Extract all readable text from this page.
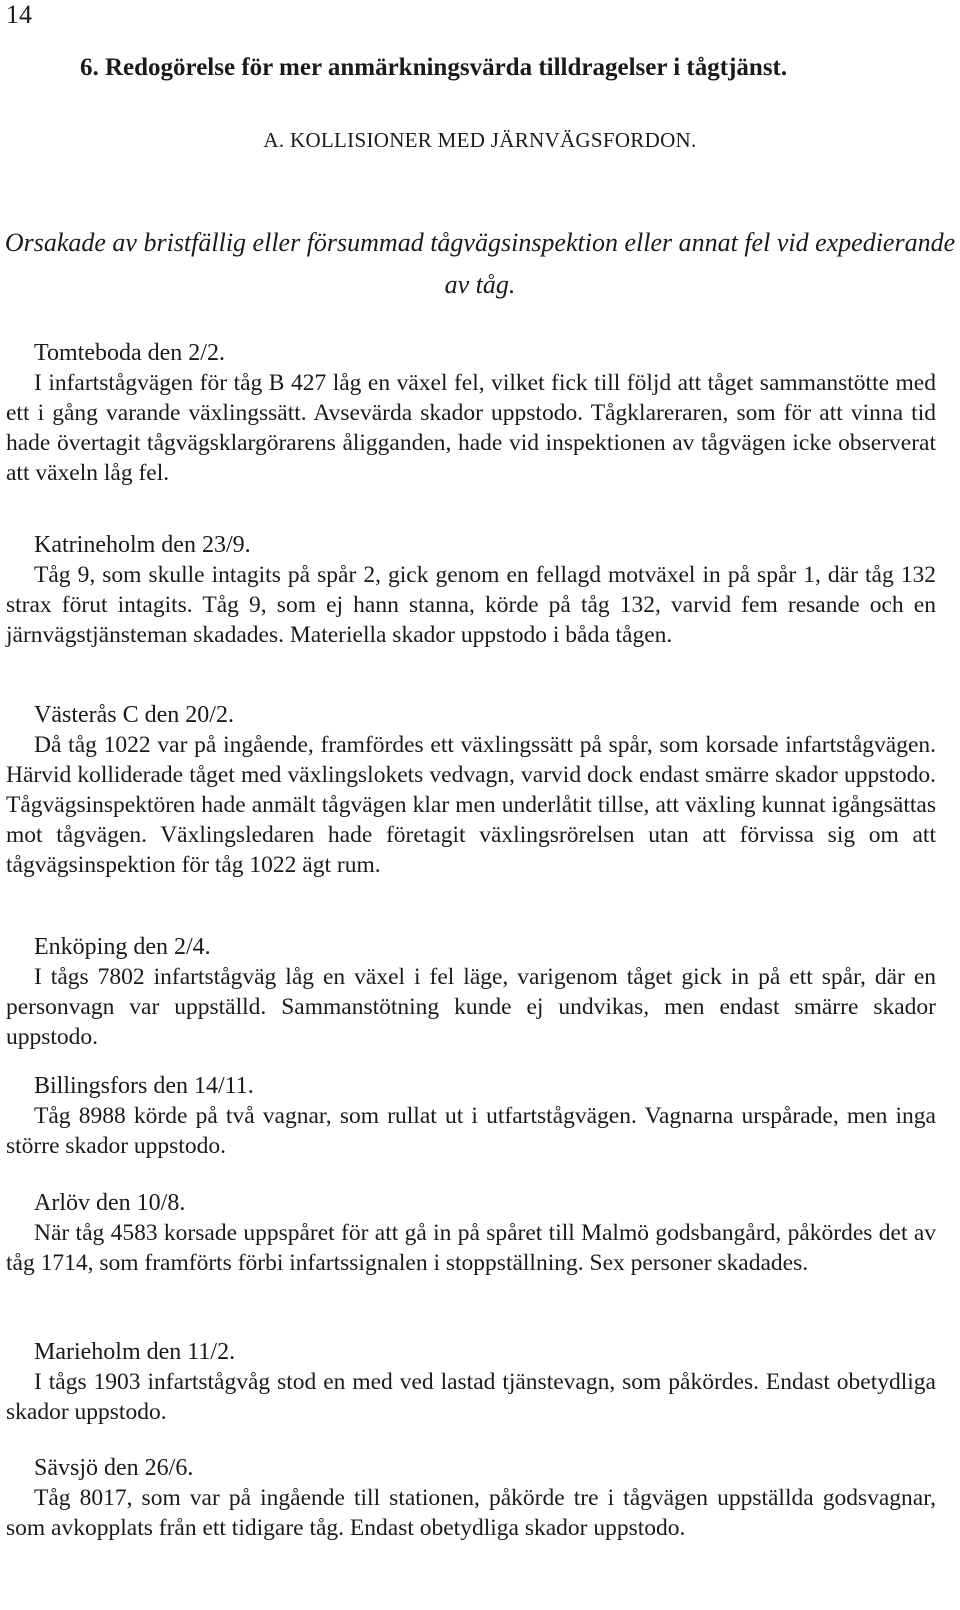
14
6. Redogörelse för mer anmärkningsvärda tilldragelser i tågtjänst.
A. KOLLISIONER MED JÄRNVÄGSFORDON.
Orsakade av bristfällig eller försummad tågvägsinspektion eller annat fel vid expedierande av tåg.
Tomteboda den 2/2.

I infartstågvägen för tåg B 427 låg en växel fel, vilket fick till följd att tåget sammanstötte med ett i gång varande växlingssätt. Avsevärda skador uppstodo. Tågklareraren, som för att vinna tid hade övertagit tågvägsklargörarens åligganden, hade vid inspektionen av tågvägen icke observerat att växeln låg fel.

Katrineholm den 23/9.

Tåg 9, som skulle intagits på spår 2, gick genom en fellagd motväxel in på spår 1, där tåg 132 strax förut intagits. Tåg 9, som ej hann stanna, körde på tåg 132, varvid fem resande och en järnvägstjänsteman skadades. Materiella skador uppstodo i båda tågen.

Västerås C den 20/2.

Då tåg 1022 var på ingående, framfördes ett växlingssätt på spår, som korsade infartstågvägen. Härvid kolliderade tåget med växlingslokets vedvagn, varvid dock endast smärre skador uppstodo. Tågvägsinspektören hade anmält tågvägen klar men underlåtit tillse, att växling kunnat igångsättas mot tågvägen. Växlingsledaren hade företagit växlingsrörelsen utan att förvissa sig om att tågvägsinspektion för tåg 1022 ägt rum.

Enköping den 2/4.

I tågs 7802 infartstågväg låg en växel i fel läge, varigenom tåget gick in på ett spår, där en personvagn var uppställd. Sammanstötning kunde ej undvikas, men endast smärre skador uppstodo.

Billingsfors den 14/11.

Tåg 8988 körde på två vagnar, som rullat ut i utfartstågvägen. Vagnarna urspårade, men inga större skador uppstodo.

Arlöv den 10/8.

När tåg 4583 korsade uppspåret för att gå in på spåret till Malmö godsbangård, påkördes det av tåg 1714, som framförts förbi infartssignalen i stoppställning. Sex personer skadades.

Marieholm den 11/2.

I tågs 1903 infartstågvåg stod en med ved lastad tjänstevagn, som påkördes. Endast obetydliga skador uppstodo.

Sävsjö den 26/6.

Tåg 8017, som var på ingående till stationen, påkörde tre i tågvägen uppställda godsvagnar, som avkopplats från ett tidigare tåg. Endast obetydliga skador uppstodo.
